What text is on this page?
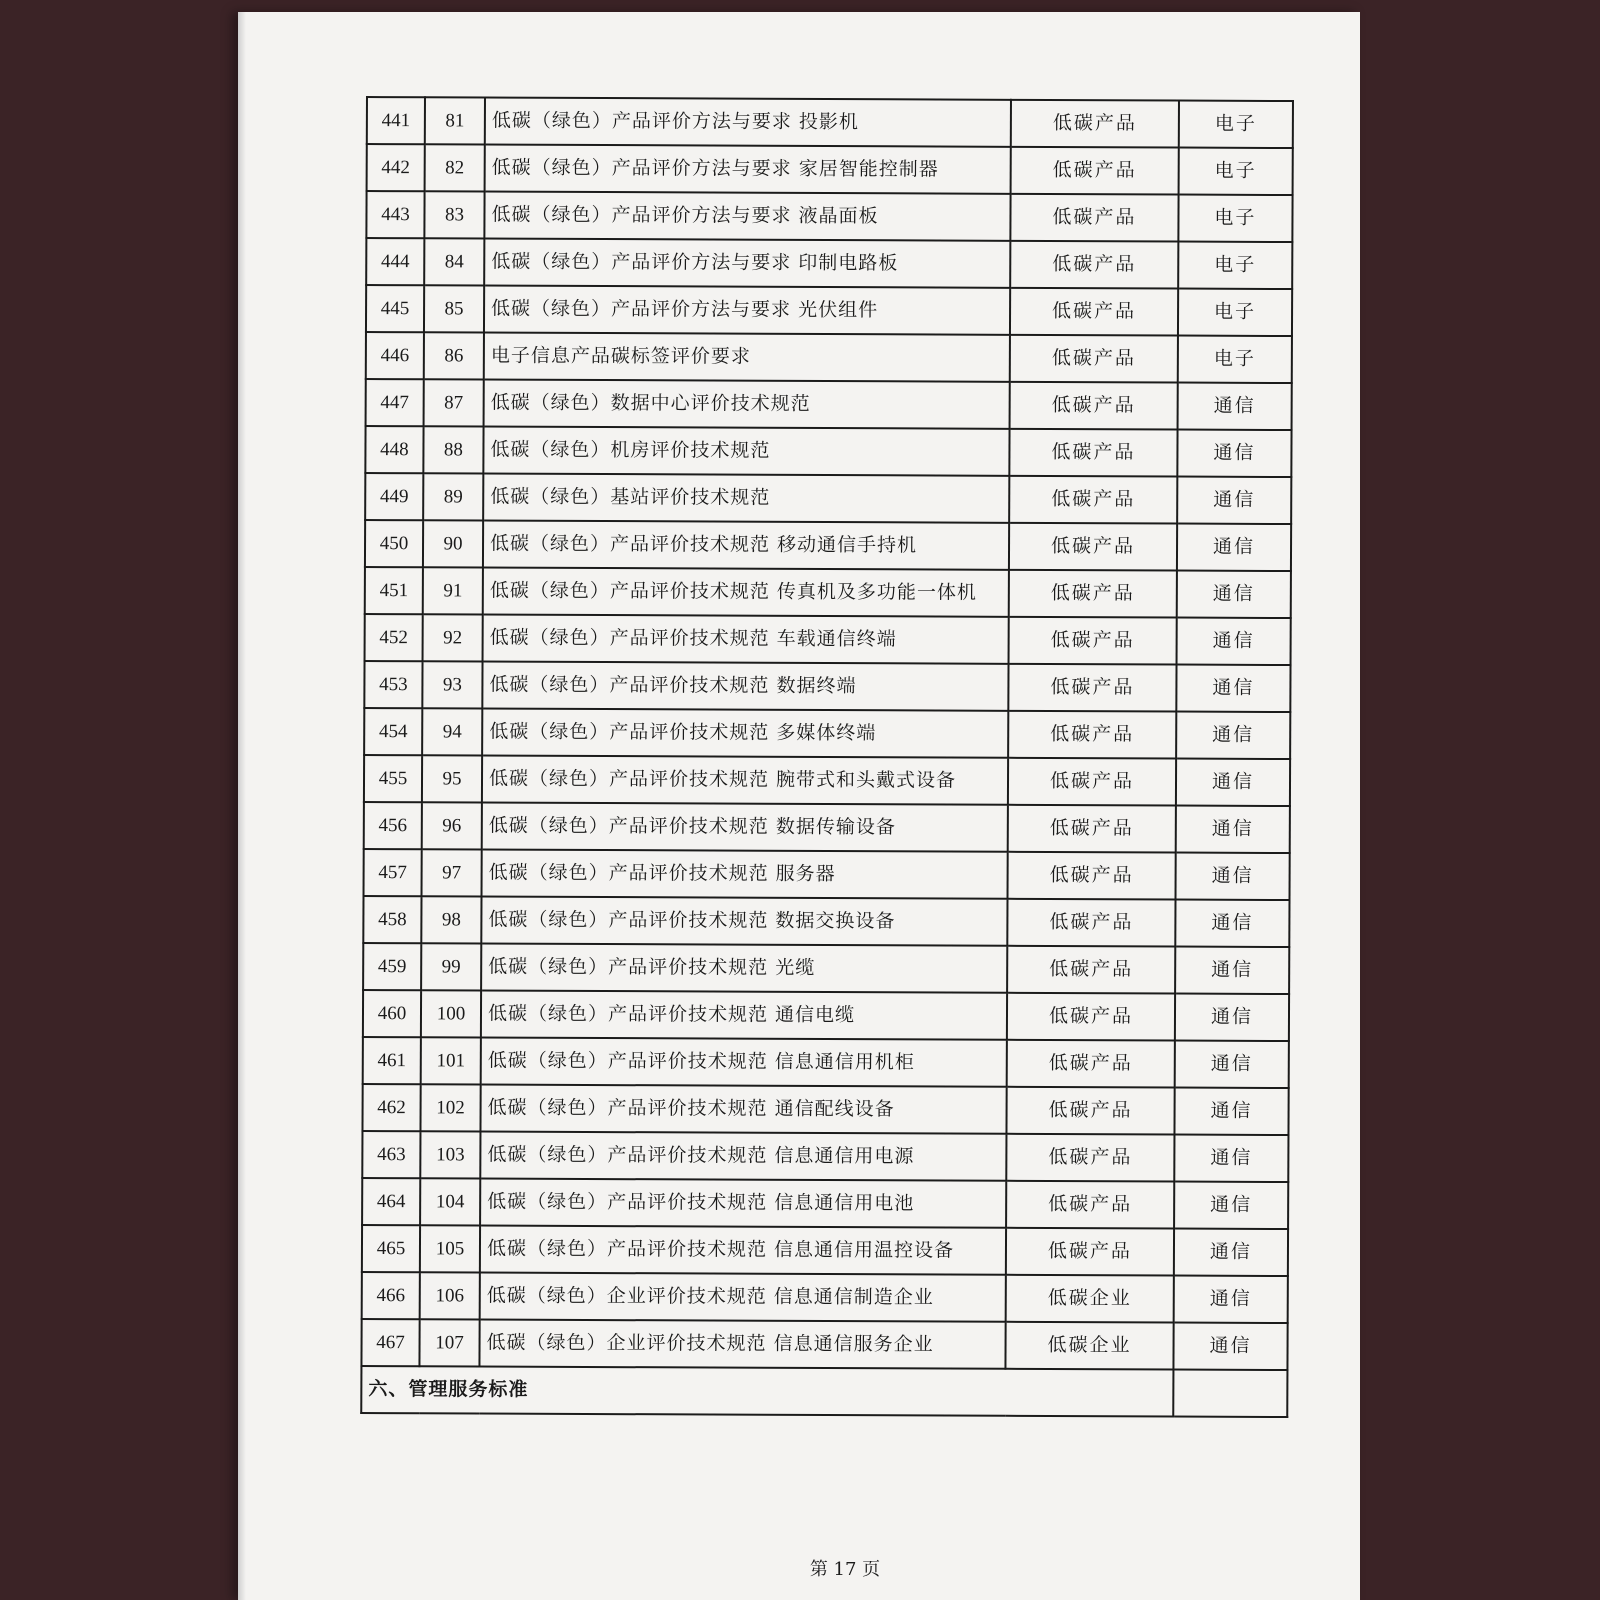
441	81	低碳（绿色）产品评价方法与要求 投影机	低碳产品	电子
442	82	低碳（绿色）产品评价方法与要求 家居智能控制器	低碳产品	电子
443	83	低碳（绿色）产品评价方法与要求 液晶面板	低碳产品	电子
444	84	低碳（绿色）产品评价方法与要求 印制电路板	低碳产品	电子
445	85	低碳（绿色）产品评价方法与要求 光伏组件	低碳产品	电子
446	86	电子信息产品碳标签评价要求	低碳产品	电子
447	87	低碳（绿色）数据中心评价技术规范	低碳产品	通信
448	88	低碳（绿色）机房评价技术规范	低碳产品	通信
449	89	低碳（绿色）基站评价技术规范	低碳产品	通信
450	90	低碳（绿色）产品评价技术规范 移动通信手持机	低碳产品	通信
451	91	低碳（绿色）产品评价技术规范 传真机及多功能一体机	低碳产品	通信
452	92	低碳（绿色）产品评价技术规范 车载通信终端	低碳产品	通信
453	93	低碳（绿色）产品评价技术规范 数据终端	低碳产品	通信
454	94	低碳（绿色）产品评价技术规范 多媒体终端	低碳产品	通信
455	95	低碳（绿色）产品评价技术规范 腕带式和头戴式设备	低碳产品	通信
456	96	低碳（绿色）产品评价技术规范 数据传输设备	低碳产品	通信
457	97	低碳（绿色）产品评价技术规范 服务器	低碳产品	通信
458	98	低碳（绿色）产品评价技术规范 数据交换设备	低碳产品	通信
459	99	低碳（绿色）产品评价技术规范 光缆	低碳产品	通信
460	100	低碳（绿色）产品评价技术规范 通信电缆	低碳产品	通信
461	101	低碳（绿色）产品评价技术规范 信息通信用机柜	低碳产品	通信
462	102	低碳（绿色）产品评价技术规范 通信配线设备	低碳产品	通信
463	103	低碳（绿色）产品评价技术规范 信息通信用电源	低碳产品	通信
464	104	低碳（绿色）产品评价技术规范 信息通信用电池	低碳产品	通信
465	105	低碳（绿色）产品评价技术规范 信息通信用温控设备	低碳产品	通信
466	106	低碳（绿色）企业评价技术规范 信息通信制造企业	低碳企业	通信
467	107	低碳（绿色）企业评价技术规范 信息通信服务企业	低碳企业	通信
六、管理服务标准				
第 17 页
